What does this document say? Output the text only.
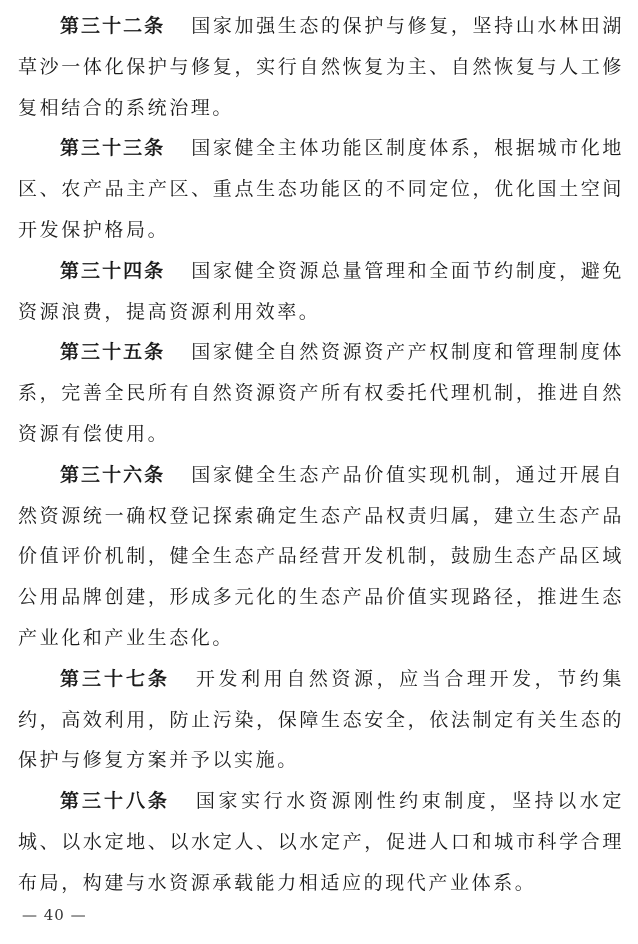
第三十二条 国家加强生态的保护与修复，坚持山水林田湖草沙一体化保护与修复，实行自然恢复为主、自然恢复与人工修复相结合的系统治理。

第三十三条 国家健全主体功能区制度体系，根据城市化地区、农产品主产区、重点生态功能区的不同定位，优化国土空间开发保护格局。

第三十四条 国家健全资源总量管理和全面节约制度，避免资源浪费，提高资源利用效率。

第三十五条 国家健全自然资源资产产权制度和管理制度体系，完善全民所有自然资源资产所有权委托代理机制，推进自然资源有偿使用。

第三十六条 国家健全生态产品价值实现机制，通过开展自然资源统一确权登记探索确定生态产品权责归属，建立生态产品价值评价机制，健全生态产品经营开发机制，鼓励生态产品区域公用品牌创建，形成多元化的生态产品价值实现路径，推进生态产业化和产业生态化。

第三十七条 开发利用自然资源，应当合理开发，节约集约，高效利用，防止污染，保障生态安全，依法制定有关生态的保护与修复方案并予以实施。

第三十八条 国家实行水资源刚性约束制度，坚持以水定城、以水定地、以水定人、以水定产，促进人口和城市科学合理布局，构建与水资源承载能力相适应的现代产业体系。

— 40 —
